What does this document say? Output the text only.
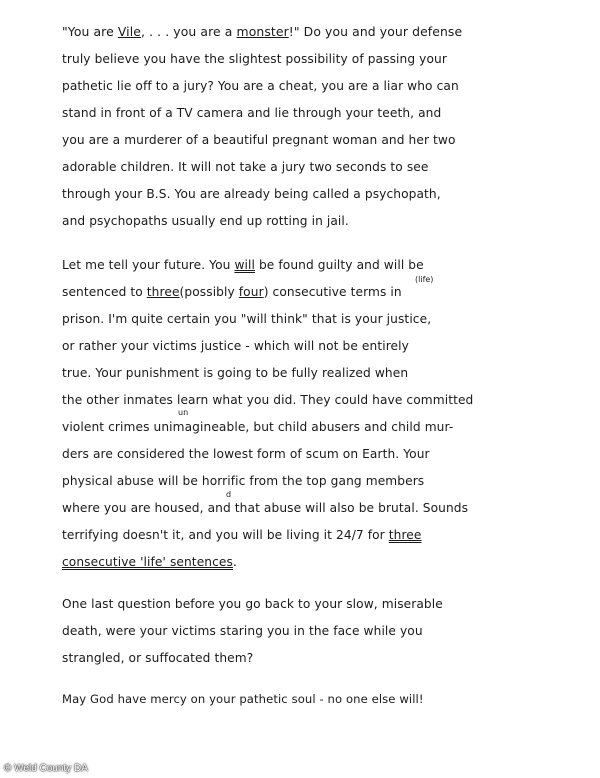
"You are Vile, . . . you are a monster!" Do you and your defense
truly believe you have the slightest possibility of passing your
pathetic lie off to a jury? You are a cheat, you are a liar who can
stand in front of a TV camera and lie through your teeth, and
you are a murderer of a beautiful pregnant woman and her two
adorable children. It will not take a jury two seconds to see
through your B.S. You are already being called a psychopath,
and psychopaths usually end up rotting in jail.
Let me tell your future. You will be found guilty and will be
(life)
sentenced to three(possibly four) consecutive terms in
prison. I'm quite certain you "will think" that is your justice,
or rather your victims justice - which will not be entirely
true. Your punishment is going to be fully realized when
the other inmates learn what you did. They could have committed
un
violent crimes unimagineable, but child abusers and child mur-
ders are considered the lowest form of scum on Earth. Your
physical abuse will be horrific from the top gang members
d
where you are housed, and that abuse will also be brutal. Sounds
terrifying doesn't it, and you will be living it 24/7 for three
consecutive 'life' sentences.
One last question before you go back to your slow, miserable
death, were your victims staring you in the face while you
strangled, or suffocated them?
May God have mercy on your pathetic soul - no one else will!
© Weld County DA
